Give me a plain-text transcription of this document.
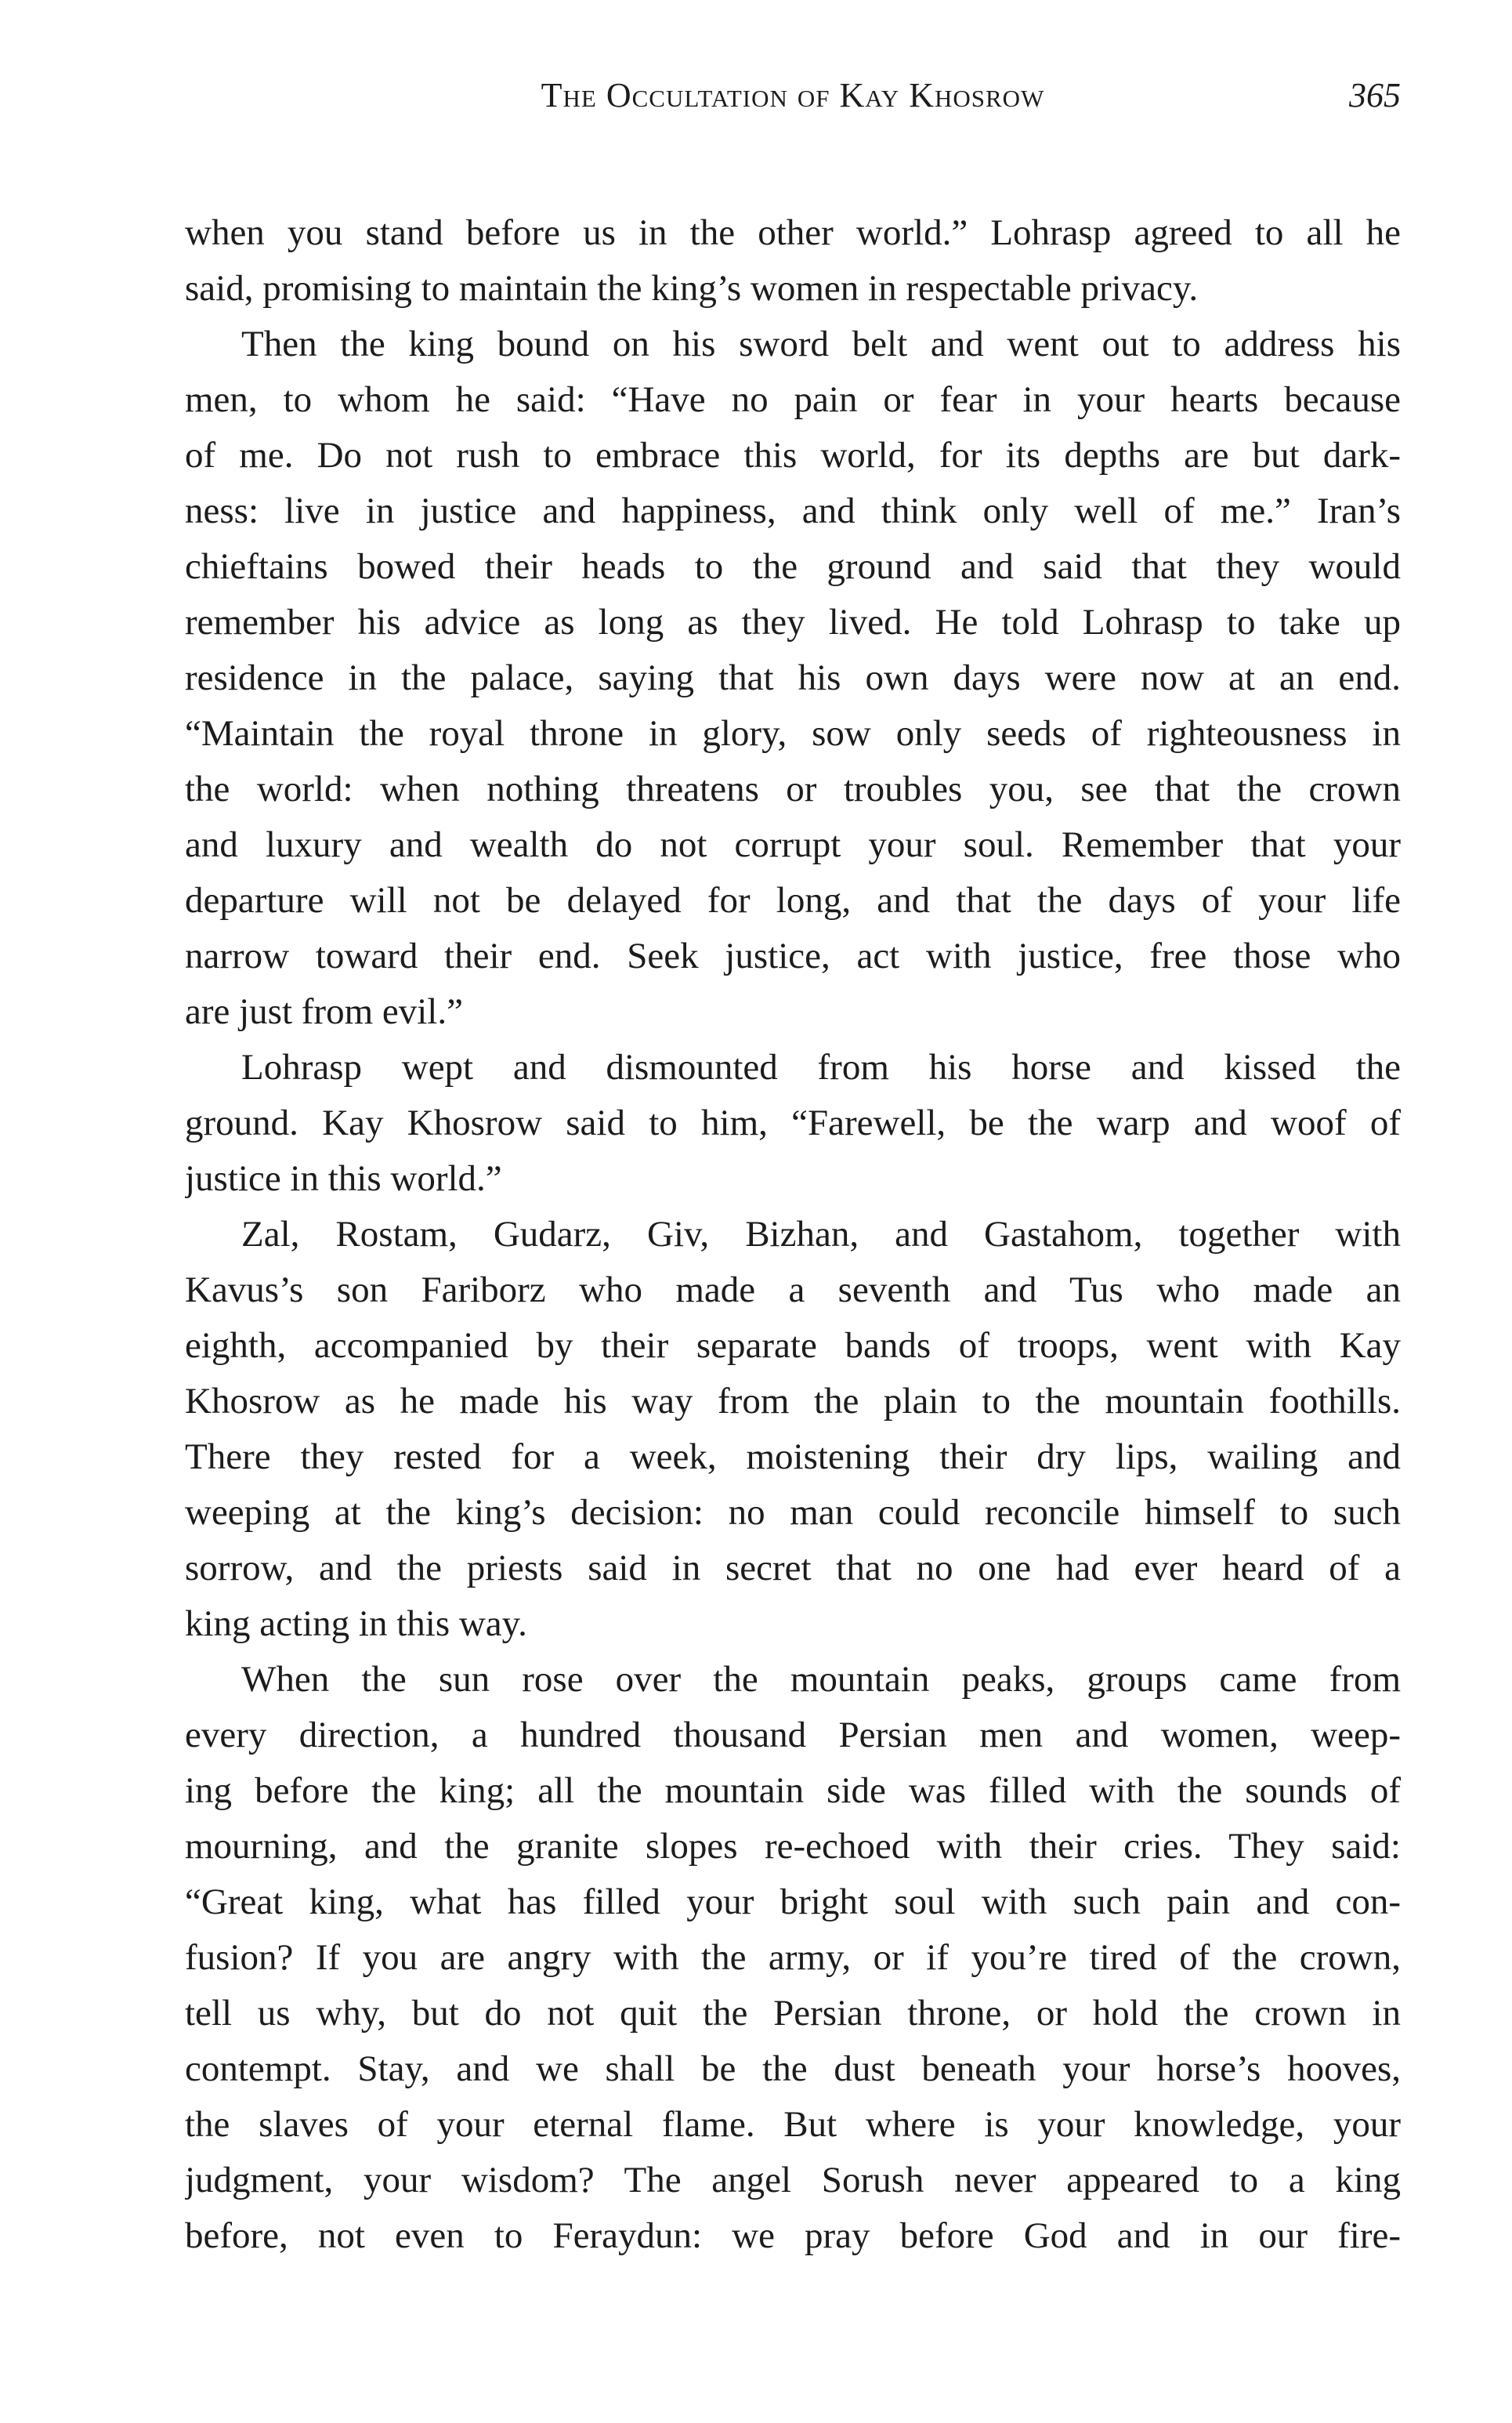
The Occultation of Kay Khosrow	365
when you stand before us in the other world.” Lohrasp agreed to all he
said, promising to maintain the king’s women in respectable privacy.
Then the king bound on his sword belt and went out to address his
men, to whom he said: “Have no pain or fear in your hearts because
of me. Do not rush to embrace this world, for its depths are but dark-
ness: live in justice and happiness, and think only well of me.” Iran’s
chieftains bowed their heads to the ground and said that they would
remember his advice as long as they lived. He told Lohrasp to take up
residence in the palace, saying that his own days were now at an end.
“Maintain the royal throne in glory, sow only seeds of righteousness in
the world: when nothing threatens or troubles you, see that the crown
and luxury and wealth do not corrupt your soul. Remember that your
departure will not be delayed for long, and that the days of your life
narrow toward their end. Seek justice, act with justice, free those who
are just from evil.”
Lohrasp wept and dismounted from his horse and kissed the
ground. Kay Khosrow said to him, “Farewell, be the warp and woof of
justice in this world.”
Zal, Rostam, Gudarz, Giv, Bizhan, and Gastahom, together with
Kavus’s son Fariborz who made a seventh and Tus who made an
eighth, accompanied by their separate bands of troops, went with Kay
Khosrow as he made his way from the plain to the mountain foothills.
There they rested for a week, moistening their dry lips, wailing and
weeping at the king’s decision: no man could reconcile himself to such
sorrow, and the priests said in secret that no one had ever heard of a
king acting in this way.
When the sun rose over the mountain peaks, groups came from
every direction, a hundred thousand Persian men and women, weep-
ing before the king; all the mountain side was filled with the sounds of
mourning, and the granite slopes re-echoed with their cries. They said:
“Great king, what has filled your bright soul with such pain and con-
fusion? If you are angry with the army, or if you’re tired of the crown,
tell us why, but do not quit the Persian throne, or hold the crown in
contempt. Stay, and we shall be the dust beneath your horse’s hooves,
the slaves of your eternal flame. But where is your knowledge, your
judgment, your wisdom? The angel Sorush never appeared to a king
before, not even to Feraydun: we pray before God and in our fire-
